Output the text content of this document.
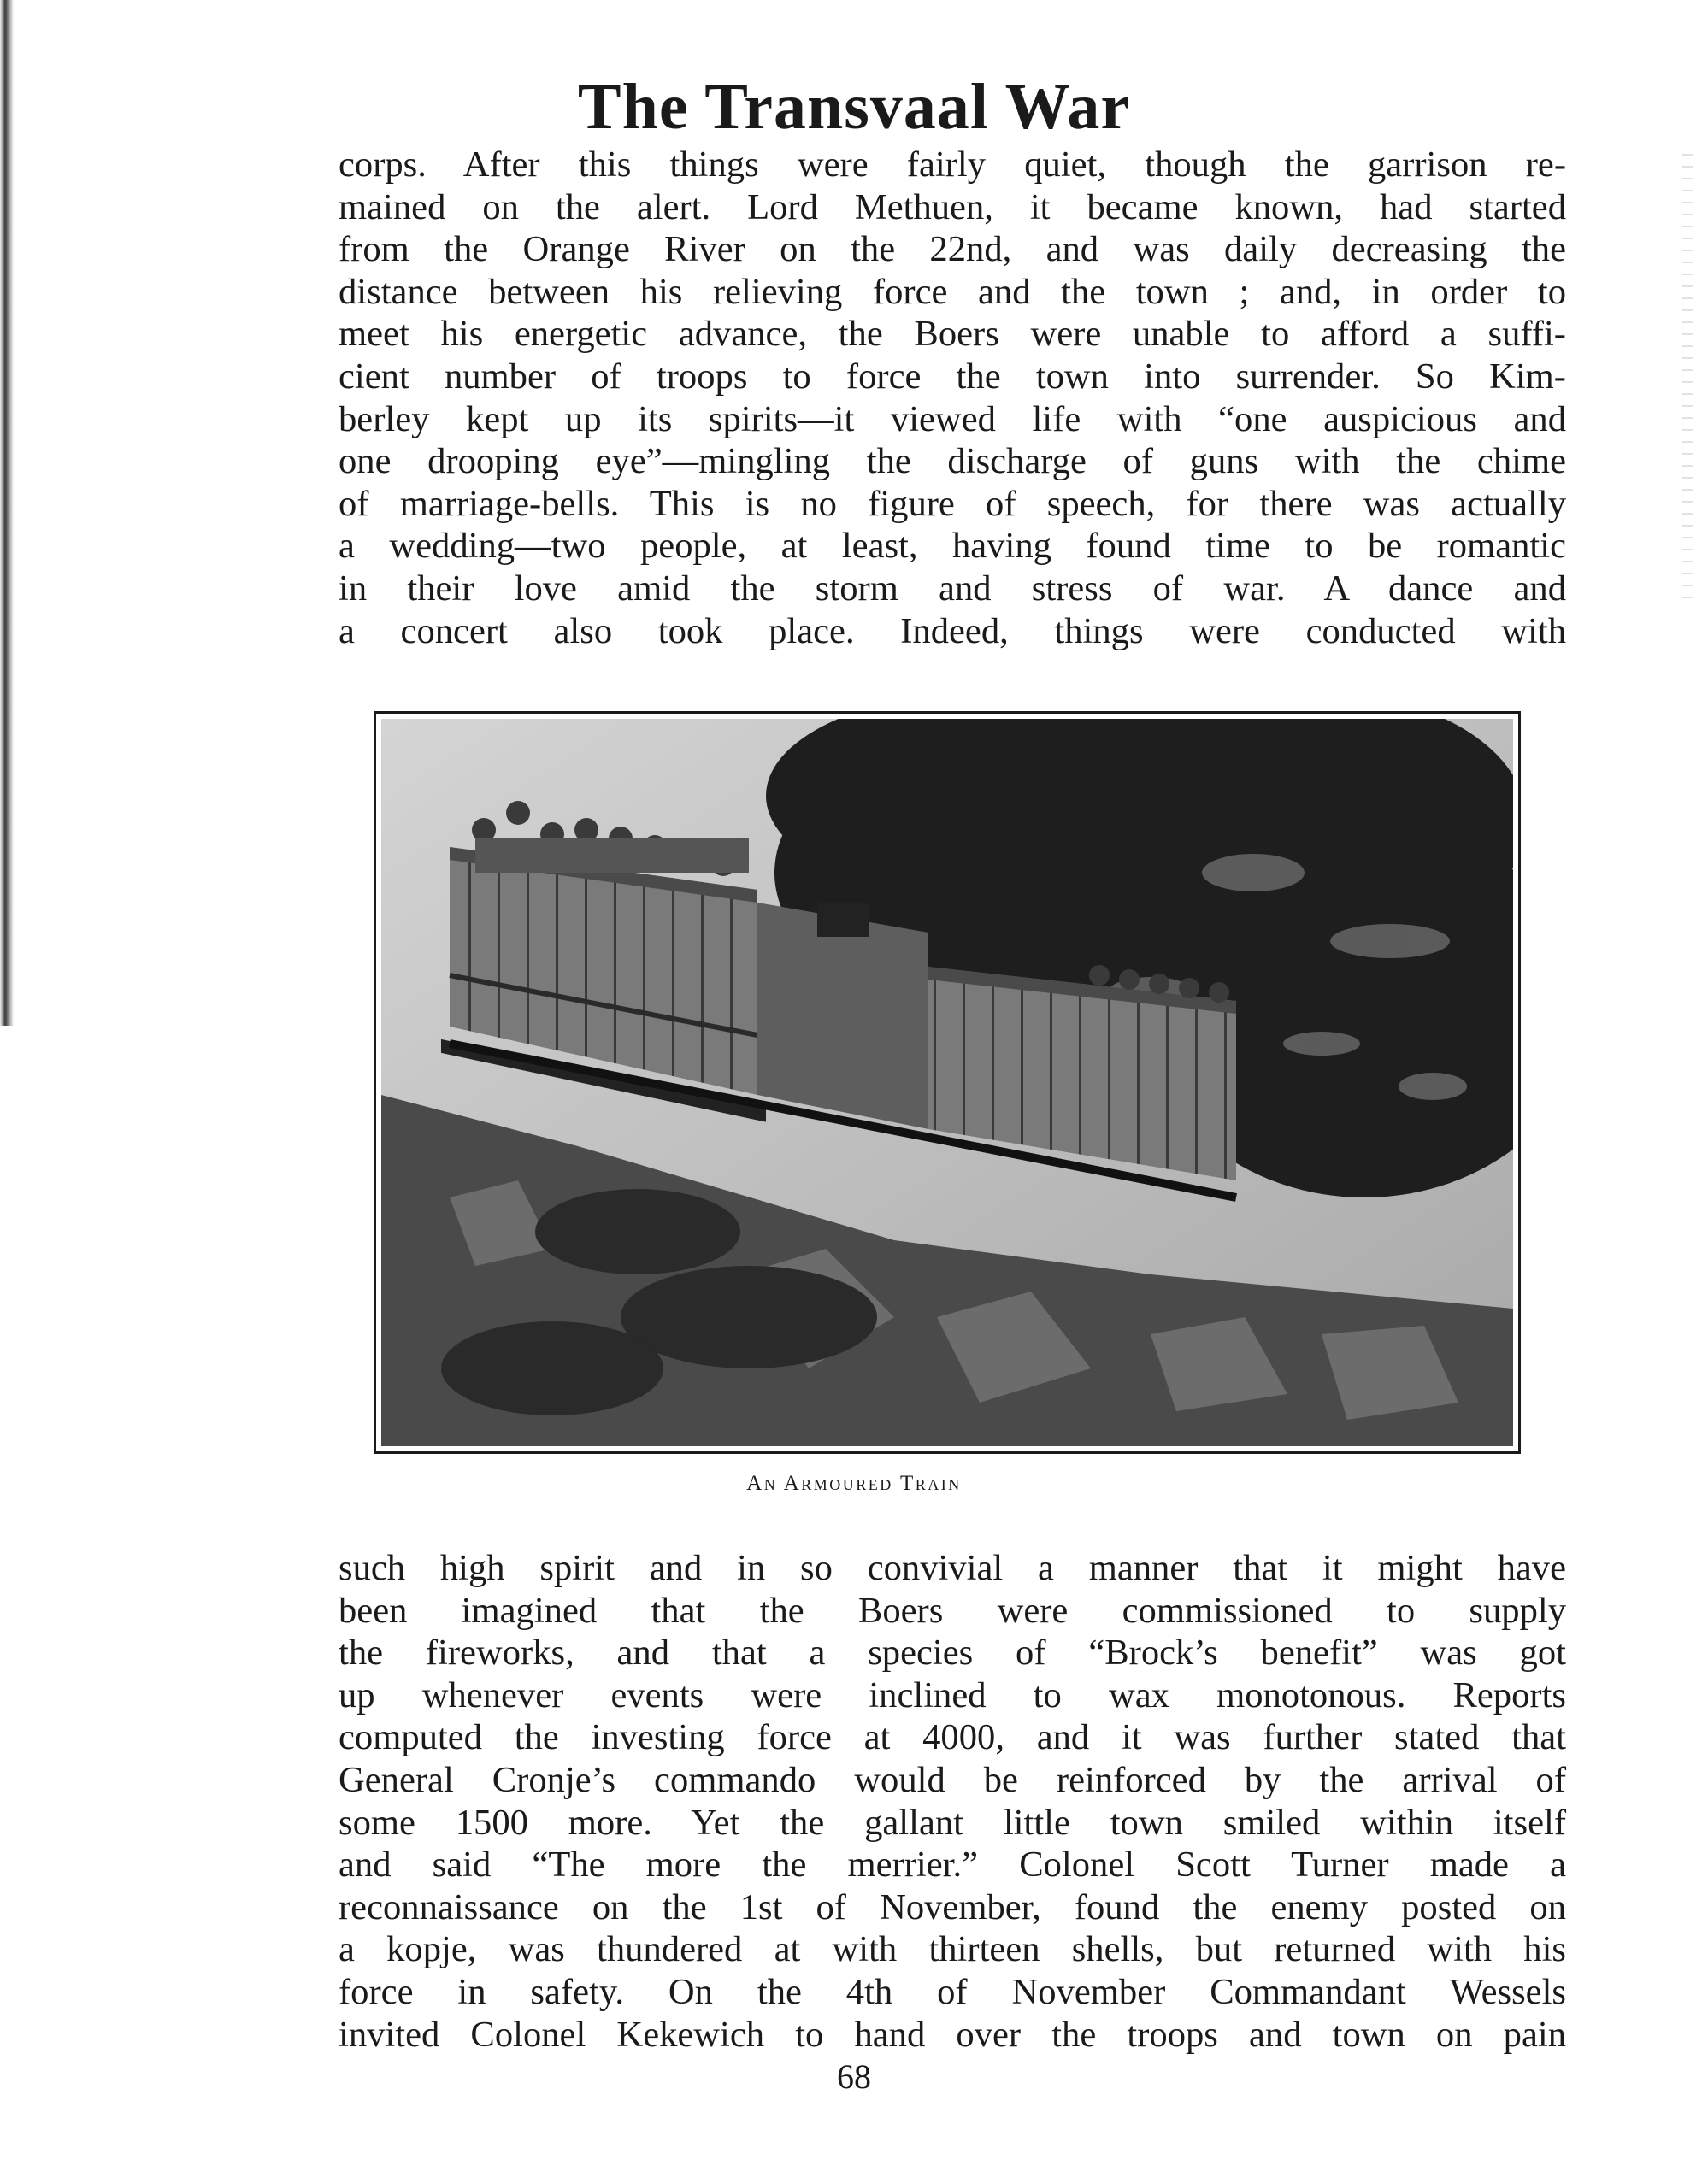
The Transvaal War
corps. After this things were fairly quiet, though the garrison re-
mained on the alert. Lord Methuen, it became known, had started
from the Orange River on the 22nd, and was daily decreasing the
distance between his relieving force and the town ; and, in order to
meet his energetic advance, the Boers were unable to afford a suffi-
cient number of troops to force the town into surrender. So Kim-
berley kept up its spirits—it viewed life with “one auspicious and
one drooping eye”—mingling the discharge of guns with the chime
of marriage-bells. This is no figure of speech, for there was actually
a wedding—two people, at least, having found time to be romantic
in their love amid the storm and stress of war. A dance and
a concert also took place. Indeed, things were conducted with
An Armoured Train
such high spirit and in so convivial a manner that it might have
been imagined that the Boers were commissioned to supply
the fireworks, and that a species of “Brock’s benefit” was got
up whenever events were inclined to wax monotonous. Reports
computed the investing force at 4000, and it was further stated that
General Cronje’s commando would be reinforced by the arrival of
some 1500 more. Yet the gallant little town smiled within itself
and said “The more the merrier.” Colonel Scott Turner made a
reconnaissance on the 1st of November, found the enemy posted on
a kopje, was thundered at with thirteen shells, but returned with his
force in safety. On the 4th of November Commandant Wessels
invited Colonel Kekewich to hand over the troops and town on pain
68
